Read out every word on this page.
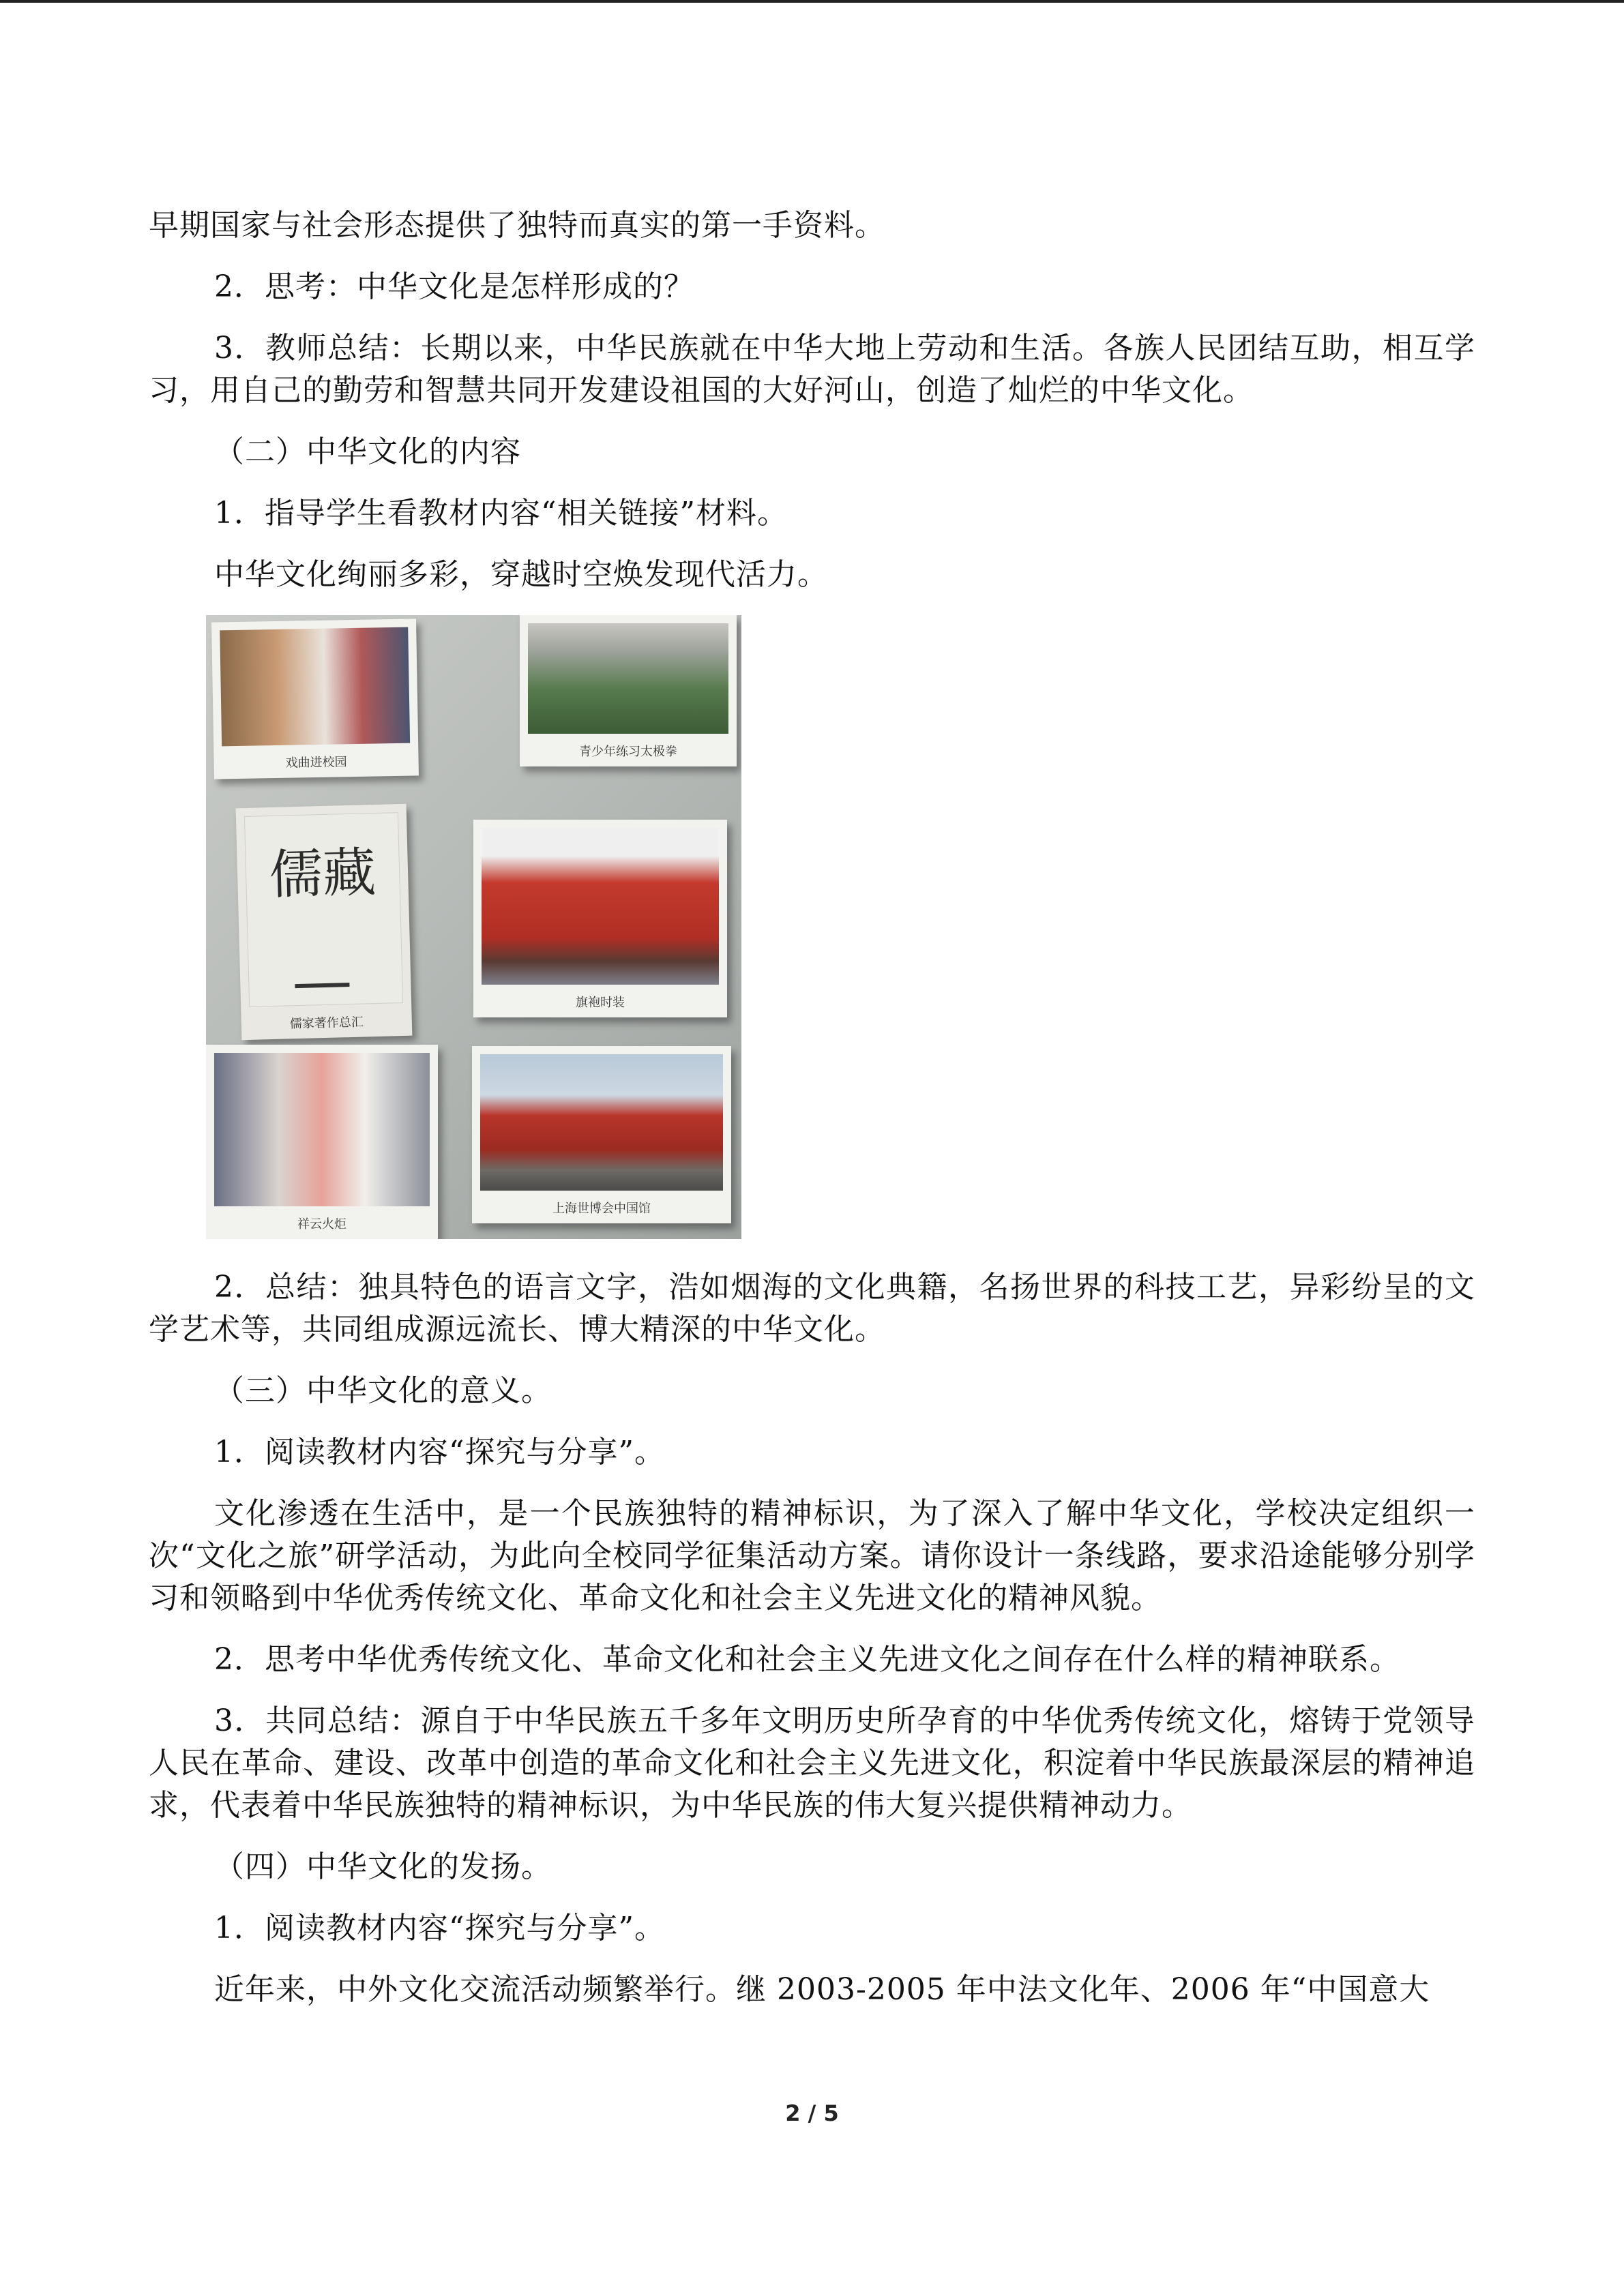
早期国家与社会形态提供了独特而真实的第一手资料。

2．思考：中华文化是怎样形成的？

3．教师总结：长期以来，中华民族就在中华大地上劳动和生活。各族人民团结互助，相互学习，用自己的勤劳和智慧共同开发建设祖国的大好河山，创造了灿烂的中华文化。

（二）中华文化的内容

1．指导学生看教材内容“相关链接”材料。

中华文化绚丽多彩，穿越时空焕发现代活力。

戏曲进校园
青少年练习太极拳
儒藏
儒家著作总汇
旗袍时装
祥云火炬
上海世博会中国馆

2．总结：独具特色的语言文字，浩如烟海的文化典籍，名扬世界的科技工艺，异彩纷呈的文学艺术等，共同组成源远流长、博大精深的中华文化。

（三）中华文化的意义。

1．阅读教材内容“探究与分享”。

文化渗透在生活中，是一个民族独特的精神标识，为了深入了解中华文化，学校决定组织一次“文化之旅”研学活动，为此向全校同学征集活动方案。请你设计一条线路，要求沿途能够分别学习和领略到中华优秀传统文化、革命文化和社会主义先进文化的精神风貌。

2．思考中华优秀传统文化、革命文化和社会主义先进文化之间存在什么样的精神联系。

3．共同总结：源自于中华民族五千多年文明历史所孕育的中华优秀传统文化，熔铸于党领导人民在革命、建设、改革中创造的革命文化和社会主义先进文化，积淀着中华民族最深层的精神追求，代表着中华民族独特的精神标识，为中华民族的伟大复兴提供精神动力。

（四）中华文化的发扬。

1．阅读教材内容“探究与分享”。

近年来，中外文化交流活动频繁举行。继 2003-2005 年中法文化年、2006 年“中国意大

2 / 5
